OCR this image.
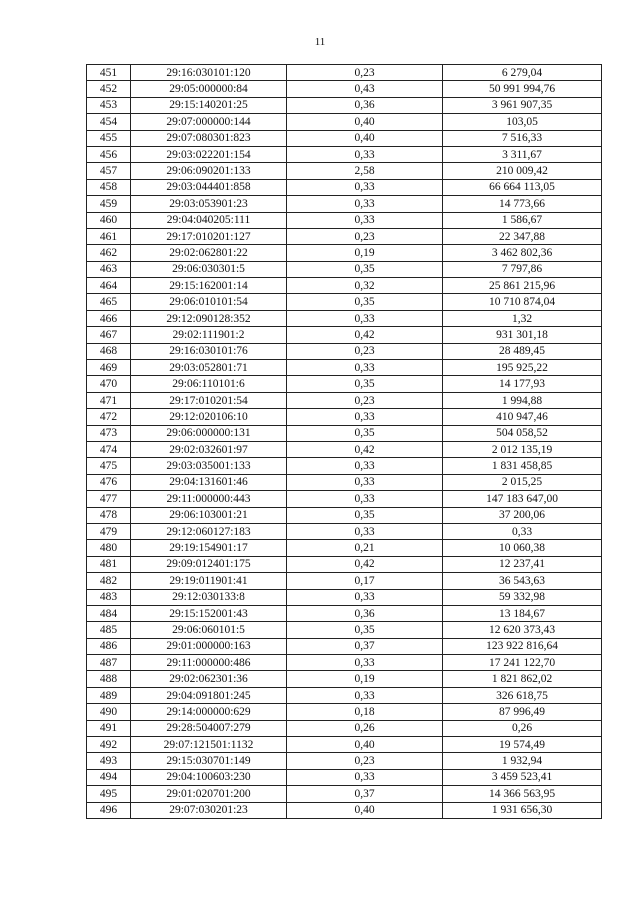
11
451	29:16:030101:120	0,23	6 279,04
452	29:05:000000:84	0,43	50 991 994,76
453	29:15:140201:25	0,36	3 961 907,35
454	29:07:000000:144	0,40	103,05
455	29:07:080301:823	0,40	7 516,33
456	29:03:022201:154	0,33	3 311,67
457	29:06:090201:133	2,58	210 009,42
458	29:03:044401:858	0,33	66 664 113,05
459	29:03:053901:23	0,33	14 773,66
460	29:04:040205:111	0,33	1 586,67
461	29:17:010201:127	0,23	22 347,88
462	29:02:062801:22	0,19	3 462 802,36
463	29:06:030301:5	0,35	7 797,86
464	29:15:162001:14	0,32	25 861 215,96
465	29:06:010101:54	0,35	10 710 874,04
466	29:12:090128:352	0,33	1,32
467	29:02:111901:2	0,42	931 301,18
468	29:16:030101:76	0,23	28 489,45
469	29:03:052801:71	0,33	195 925,22
470	29:06:110101:6	0,35	14 177,93
471	29:17:010201:54	0,23	1 994,88
472	29:12:020106:10	0,33	410 947,46
473	29:06:000000:131	0,35	504 058,52
474	29:02:032601:97	0,42	2 012 135,19
475	29:03:035001:133	0,33	1 831 458,85
476	29:04:131601:46	0,33	2 015,25
477	29:11:000000:443	0,33	147 183 647,00
478	29:06:103001:21	0,35	37 200,06
479	29:12:060127:183	0,33	0,33
480	29:19:154901:17	0,21	10 060,38
481	29:09:012401:175	0,42	12 237,41
482	29:19:011901:41	0,17	36 543,63
483	29:12:030133:8	0,33	59 332,98
484	29:15:152001:43	0,36	13 184,67
485	29:06:060101:5	0,35	12 620 373,43
486	29:01:000000:163	0,37	123 922 816,64
487	29:11:000000:486	0,33	17 241 122,70
488	29:02:062301:36	0,19	1 821 862,02
489	29:04:091801:245	0,33	326 618,75
490	29:14:000000:629	0,18	87 996,49
491	29:28:504007:279	0,26	0,26
492	29:07:121501:1132	0,40	19 574,49
493	29:15:030701:149	0,23	1 932,94
494	29:04:100603:230	0,33	3 459 523,41
495	29:01:020701:200	0,37	14 366 563,95
496	29:07:030201:23	0,40	1 931 656,30
